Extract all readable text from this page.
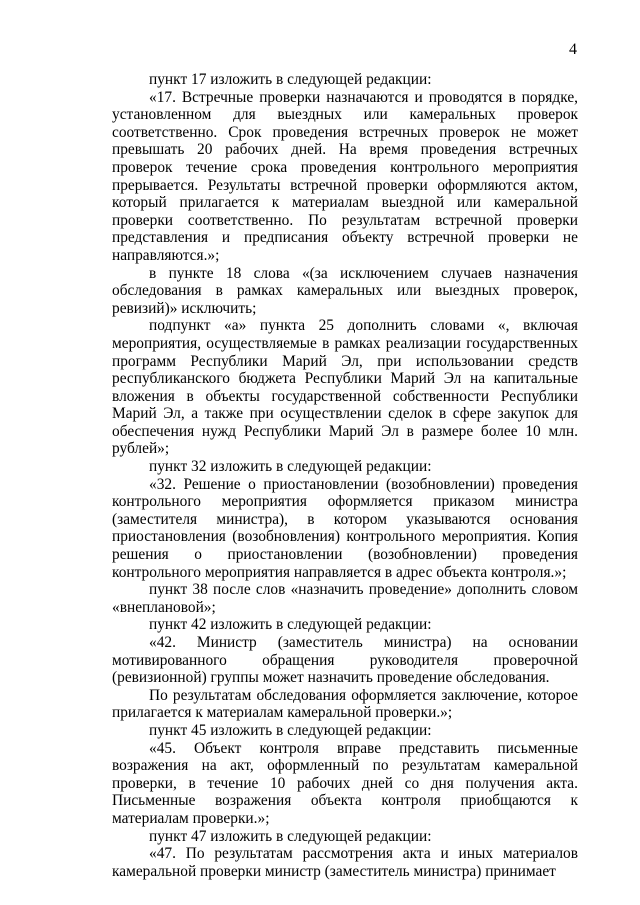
4

пункт 17 изложить в следующей редакции:

«17. Встречные проверки назначаются и проводятся в порядке, установленном для выездных или камеральных проверок соответственно. Срок проведения встречных проверок не может превышать 20 рабочих дней. На время проведения встречных проверок течение срока проведения контрольного мероприятия прерывается. Результаты встречной проверки оформляются актом, который прилагается к материалам выездной или камеральной проверки соответственно. По результатам встречной проверки представления и предписания объекту встречной проверки не направляются.»;

в пункте 18 слова «(за исключением случаев назначения обследования в рамках камеральных или выездных проверок, ревизий)» исключить;

подпункт «а» пункта 25 дополнить словами «, включая мероприятия, осуществляемые в рамках реализации государственных программ Республики Марий Эл, при использовании средств республиканского бюджета Республики Марий Эл на капитальные вложения в объекты государственной собственности Республики Марий Эл, а также при осуществлении сделок в сфере закупок для обеспечения нужд Республики Марий Эл в размере более 10 млн. рублей»;

пункт 32 изложить в следующей редакции:

«32. Решение о приостановлении (возобновлении) проведения контрольного мероприятия оформляется приказом министра (заместителя министра), в котором указываются основания приостановления (возобновления) контрольного мероприятия. Копия решения о приостановлении (возобновлении) проведения контрольного мероприятия направляется в адрес объекта контроля.»;

пункт 38 после слов «назначить проведение» дополнить словом «внеплановой»;

пункт 42 изложить в следующей редакции:

«42. Министр (заместитель министра) на основании мотивированного обращения руководителя проверочной (ревизионной) группы может назначить проведение обследования.

По результатам обследования оформляется заключение, которое прилагается к материалам камеральной проверки.»;

пункт 45 изложить в следующей редакции:

«45. Объект контроля вправе представить письменные возражения на акт, оформленный по результатам камеральной проверки, в течение 10 рабочих дней со дня получения акта. Письменные возражения объекта контроля приобщаются к материалам проверки.»;

пункт 47 изложить в следующей редакции:

«47. По результатам рассмотрения акта и иных материалов камеральной проверки министр (заместитель министра) принимает
